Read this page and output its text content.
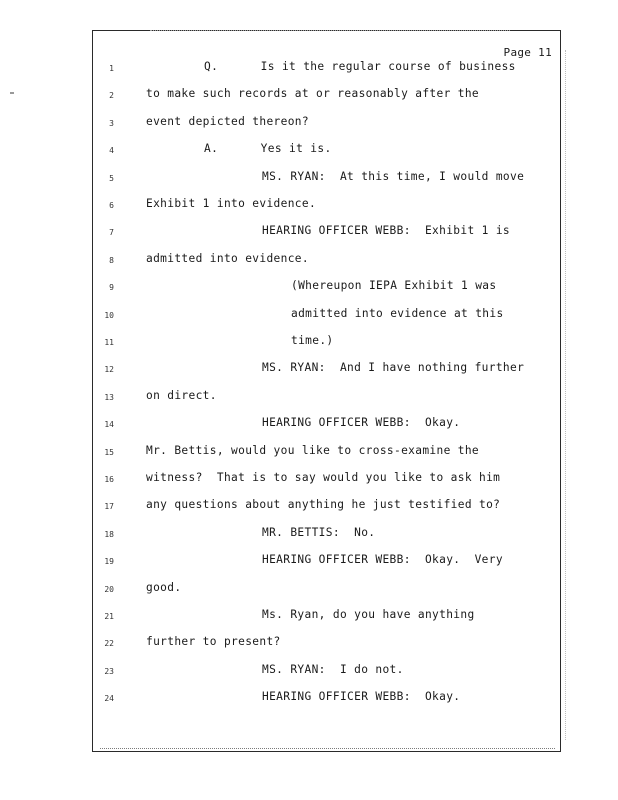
Page 11
1	Q.      Is it the regular course of business
2	to make such records at or reasonably after the
3	event depicted thereon?
4	A.      Yes it is.
5	MS. RYAN:  At this time, I would move
6	Exhibit 1 into evidence.
7	HEARING OFFICER WEBB:  Exhibit 1 is
8	admitted into evidence.
9	(Whereupon IEPA Exhibit 1 was
10	admitted into evidence at this
11	time.)
12	MS. RYAN:  And I have nothing further
13	on direct.
14	HEARING OFFICER WEBB:  Okay.
15	Mr. Bettis, would you like to cross-examine the
16	witness?  That is to say would you like to ask him
17	any questions about anything he just testified to?
18	MR. BETTIS:  No.
19	HEARING OFFICER WEBB:  Okay.  Very
20	good.
21	Ms. Ryan, do you have anything
22	further to present?
23	MS. RYAN:  I do not.
24	HEARING OFFICER WEBB:  Okay.
